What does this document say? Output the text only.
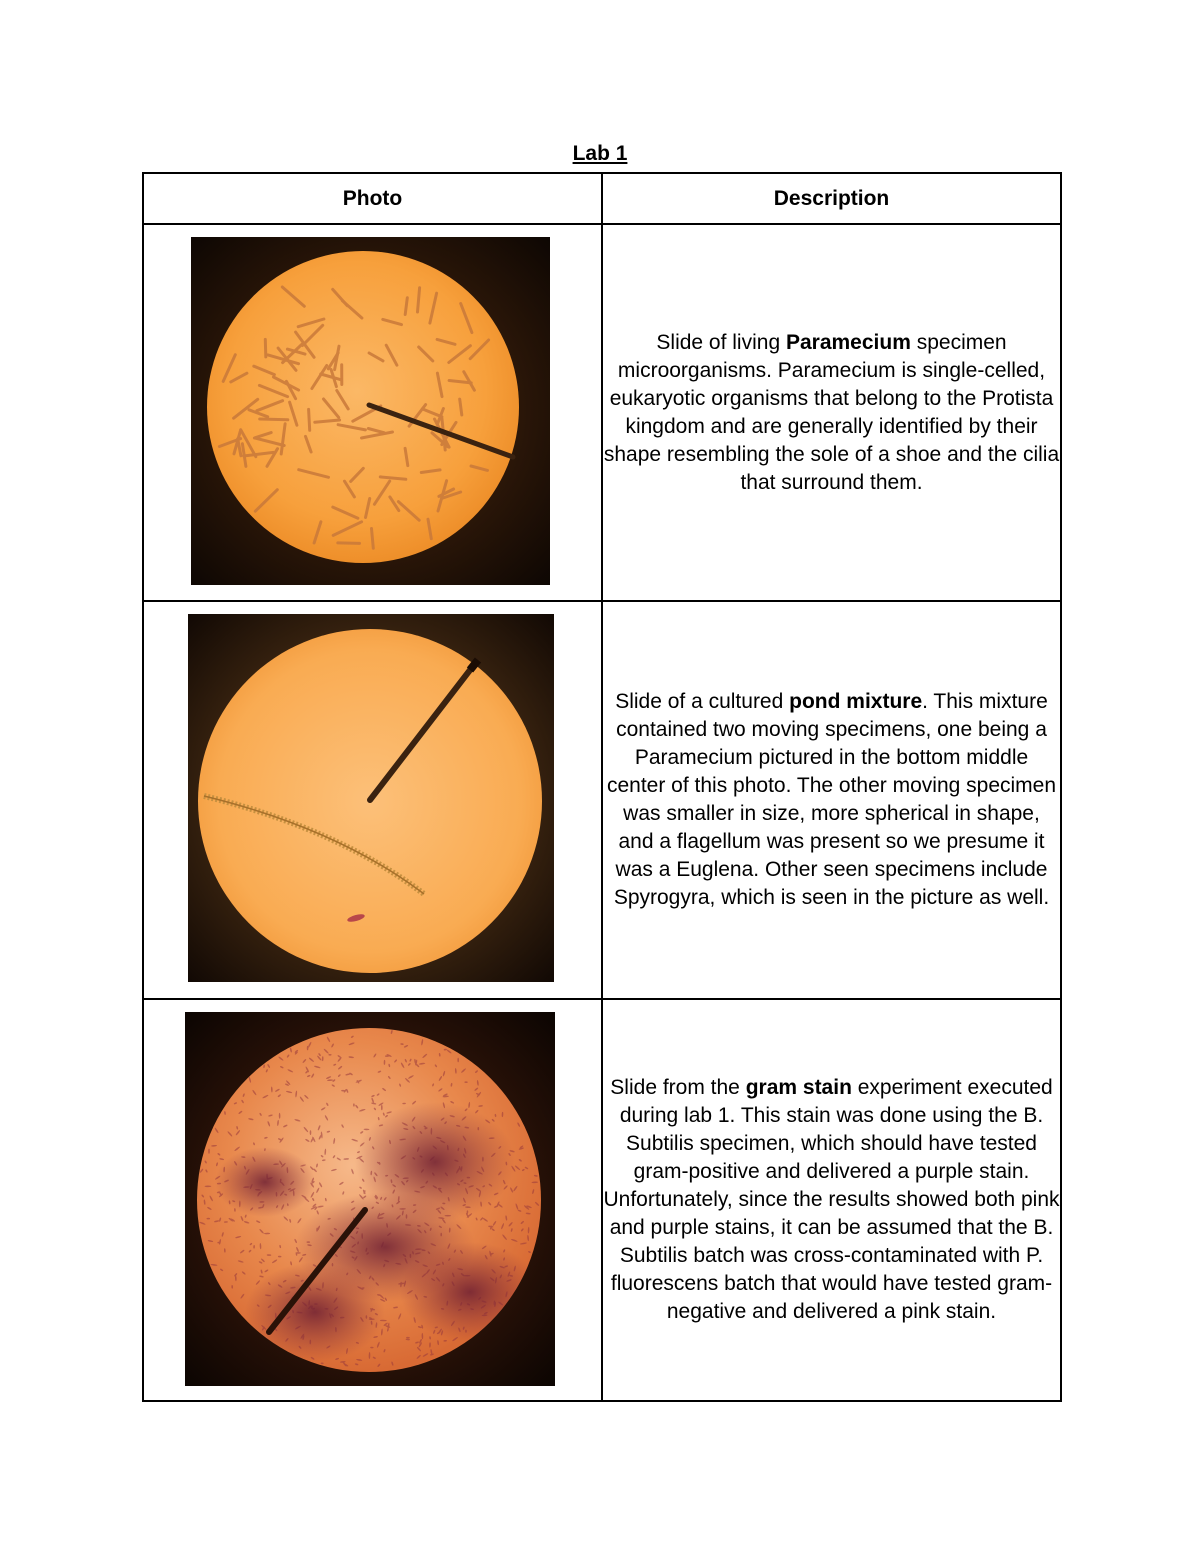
Lab 1
Photo	Description

	Slide of living Paramecium specimen microorganisms. Paramecium is single-celled, eukaryotic organisms that belong to the Protista kingdom and are generally identified by their shape resembling the sole of a shoe and the cilia that surround them.

	Slide of a cultured pond mixture. This mixture contained two moving specimens, one being a Paramecium pictured in the bottom middle center of this photo. The other moving specimen was smaller in size, more spherical in shape, and a flagellum was present so we presume it was a Euglena. Other seen specimens include Spyrogyra, which is seen in the picture as well.

	Slide from the gram stain experiment executed during lab 1. This stain was done using the B. Subtilis specimen, which should have tested gram-positive and delivered a purple stain. Unfortunately, since the results showed both pink and purple stains, it can be assumed that the B. Subtilis batch was cross-contaminated with P. fluorescens batch that would have tested gram-negative and delivered a pink stain.
